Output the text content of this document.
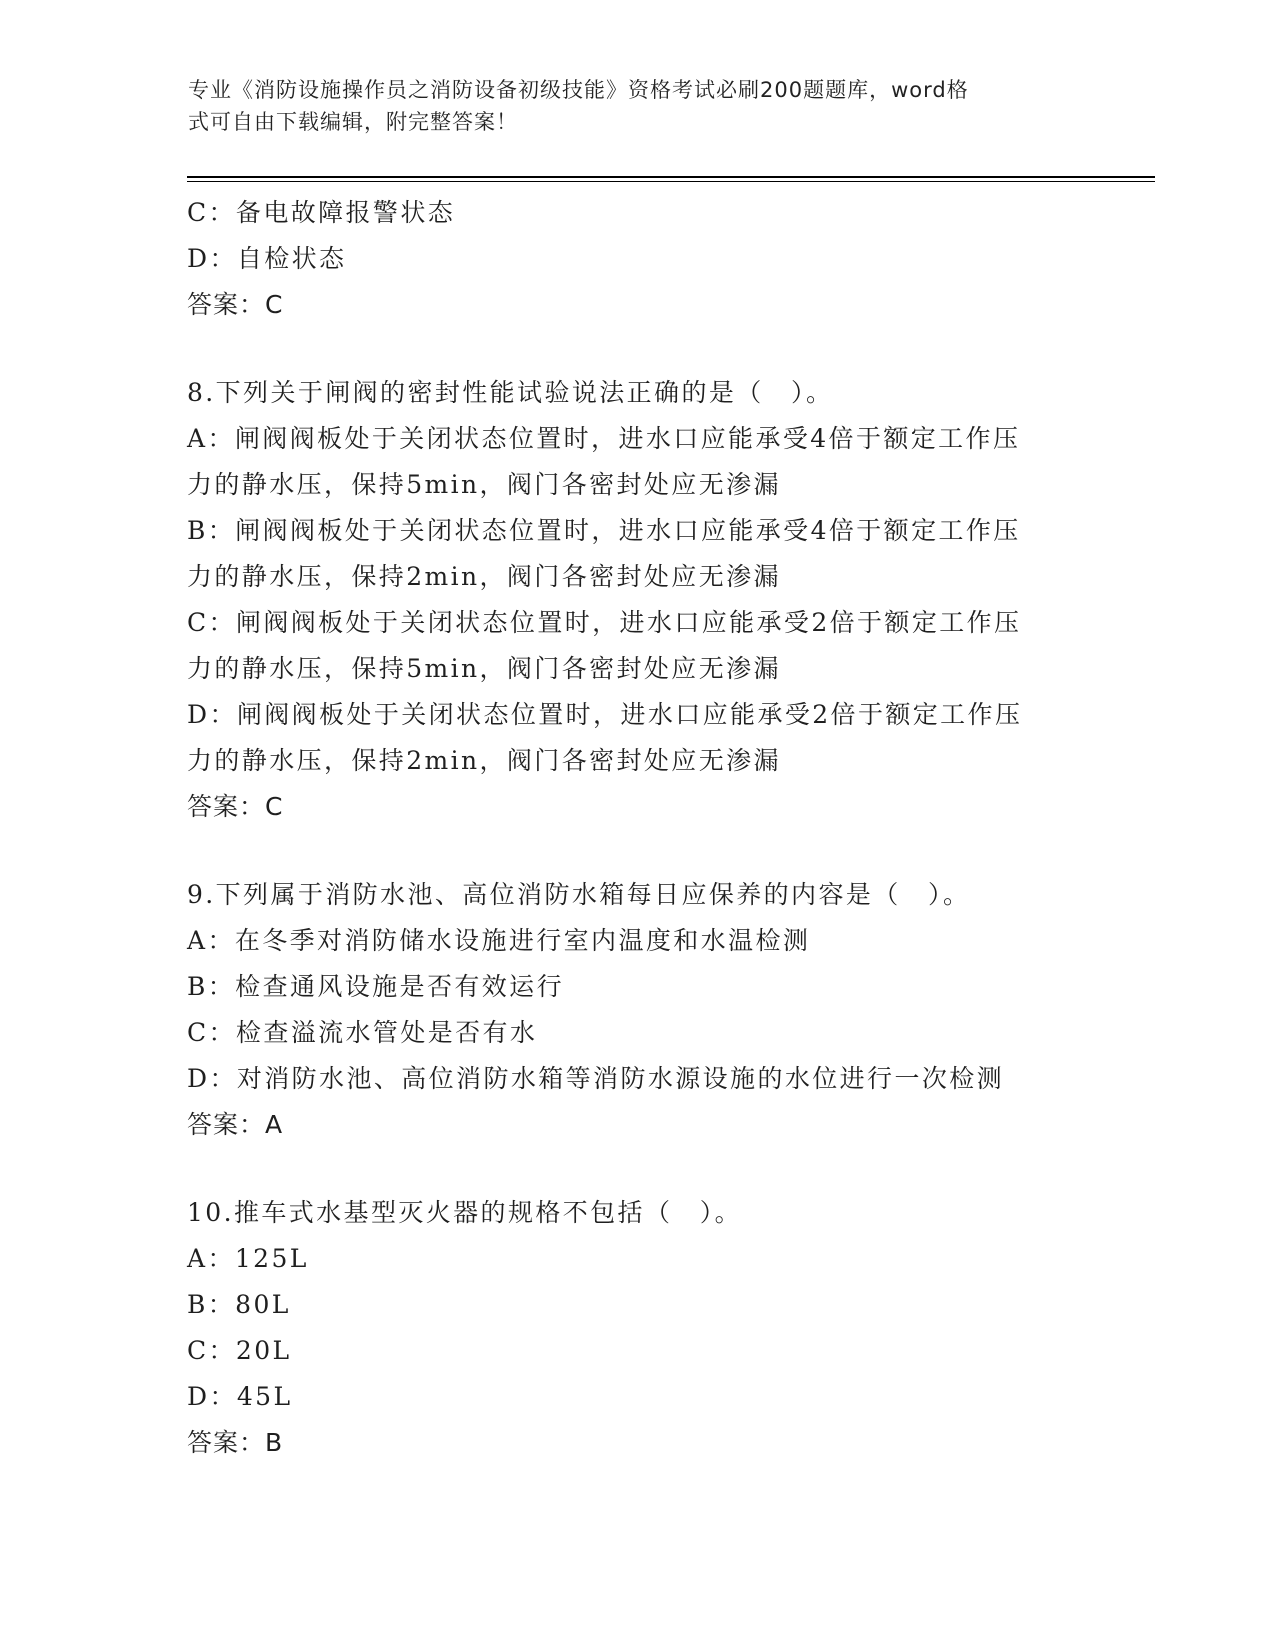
专业《消防设施操作员之消防设备初级技能》资格考试必刷200题题库，word格
式可自由下载编辑，附完整答案！
C：备电故障报警状态
D：自检状态
答案：C
8.下列关于闸阀的密封性能试验说法正确的是（　）。
A：闸阀阀板处于关闭状态位置时，进水口应能承受4倍于额定工作压
力的静水压，保持5min，阀门各密封处应无渗漏
B：闸阀阀板处于关闭状态位置时，进水口应能承受4倍于额定工作压
力的静水压，保持2min，阀门各密封处应无渗漏
C：闸阀阀板处于关闭状态位置时，进水口应能承受2倍于额定工作压
力的静水压，保持5min，阀门各密封处应无渗漏
D：闸阀阀板处于关闭状态位置时，进水口应能承受2倍于额定工作压
力的静水压，保持2min，阀门各密封处应无渗漏
答案：C
9.下列属于消防水池、高位消防水箱每日应保养的内容是（　）。
A：在冬季对消防储水设施进行室内温度和水温检测
B：检查通风设施是否有效运行
C：检查溢流水管处是否有水
D：对消防水池、高位消防水箱等消防水源设施的水位进行一次检测
答案：A
10.推车式水基型灭火器的规格不包括（　）。
A：125L
B：80L
C：20L
D：45L
答案：B
